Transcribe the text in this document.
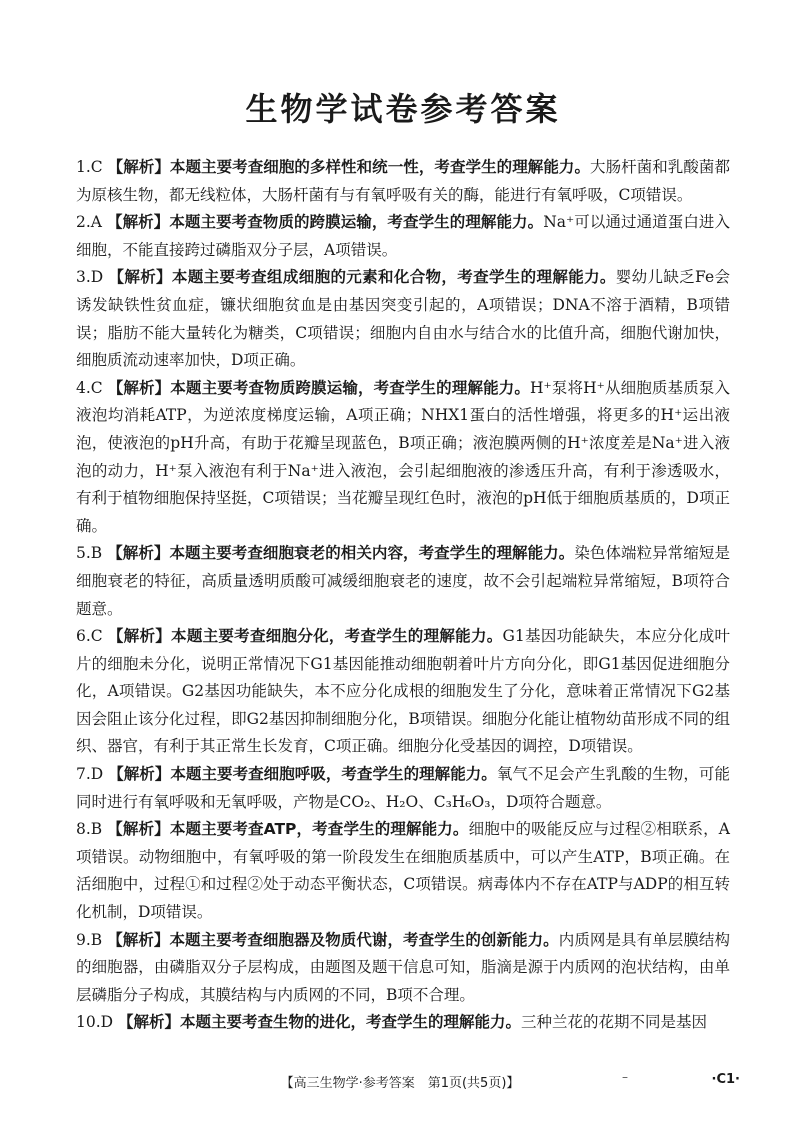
生物学试卷参考答案

1.C 【解析】本题主要考查细胞的多样性和统一性，考查学生的理解能力。大肠杆菌和乳酸菌都为原核生物，都无线粒体，大肠杆菌有与有氧呼吸有关的酶，能进行有氧呼吸，C项错误。

2.A 【解析】本题主要考查物质的跨膜运输，考查学生的理解能力。Na⁺可以通过通道蛋白进入细胞，不能直接跨过磷脂双分子层，A项错误。

3.D 【解析】本题主要考查组成细胞的元素和化合物，考查学生的理解能力。婴幼儿缺乏Fe会诱发缺铁性贫血症，镰状细胞贫血是由基因突变引起的，A项错误；DNA不溶于酒精，B项错误；脂肪不能大量转化为糖类，C项错误；细胞内自由水与结合水的比值升高，细胞代谢加快，细胞质流动速率加快，D项正确。

4.C 【解析】本题主要考查物质跨膜运输，考查学生的理解能力。H⁺泵将H⁺从细胞质基质泵入液泡均消耗ATP，为逆浓度梯度运输，A项正确；NHX1蛋白的活性增强，将更多的H⁺运出液泡，使液泡的pH升高，有助于花瓣呈现蓝色，B项正确；液泡膜两侧的H⁺浓度差是Na⁺进入液泡的动力，H⁺泵入液泡有利于Na⁺进入液泡，会引起细胞液的渗透压升高，有利于渗透吸水，有利于植物细胞保持坚挺，C项错误；当花瓣呈现红色时，液泡的pH低于细胞质基质的，D项正确。

5.B 【解析】本题主要考查细胞衰老的相关内容，考查学生的理解能力。染色体端粒异常缩短是细胞衰老的特征，高质量透明质酸可减缓细胞衰老的速度，故不会引起端粒异常缩短，B项符合题意。

6.C 【解析】本题主要考查细胞分化，考查学生的理解能力。G1基因功能缺失，本应分化成叶片的细胞未分化，说明正常情况下G1基因能推动细胞朝着叶片方向分化，即G1基因促进细胞分化，A项错误。G2基因功能缺失，本不应分化成根的细胞发生了分化，意味着正常情况下G2基因会阻止该分化过程，即G2基因抑制细胞分化，B项错误。细胞分化能让植物幼苗形成不同的组织、器官，有利于其正常生长发育，C项正确。细胞分化受基因的调控，D项错误。

7.D 【解析】本题主要考查细胞呼吸，考查学生的理解能力。氧气不足会产生乳酸的生物，可能同时进行有氧呼吸和无氧呼吸，产物是CO₂、H₂O、C₃H₆O₃，D项符合题意。

8.B 【解析】本题主要考查ATP，考查学生的理解能力。细胞中的吸能反应与过程②相联系，A项错误。动物细胞中，有氧呼吸的第一阶段发生在细胞质基质中，可以产生ATP，B项正确。在活细胞中，过程①和过程②处于动态平衡状态，C项错误。病毒体内不存在ATP与ADP的相互转化机制，D项错误。

9.B 【解析】本题主要考查细胞器及物质代谢，考查学生的创新能力。内质网是具有单层膜结构的细胞器，由磷脂双分子层构成，由题图及题干信息可知，脂滴是源于内质网的泡状结构，由单层磷脂分子构成，其膜结构与内质网的不同，B项不合理。

10.D 【解析】本题主要考查生物的进化，考查学生的理解能力。三种兰花的花期不同是基因

【高三生物学·参考答案　第1页(共5页)】	–	·C1·
